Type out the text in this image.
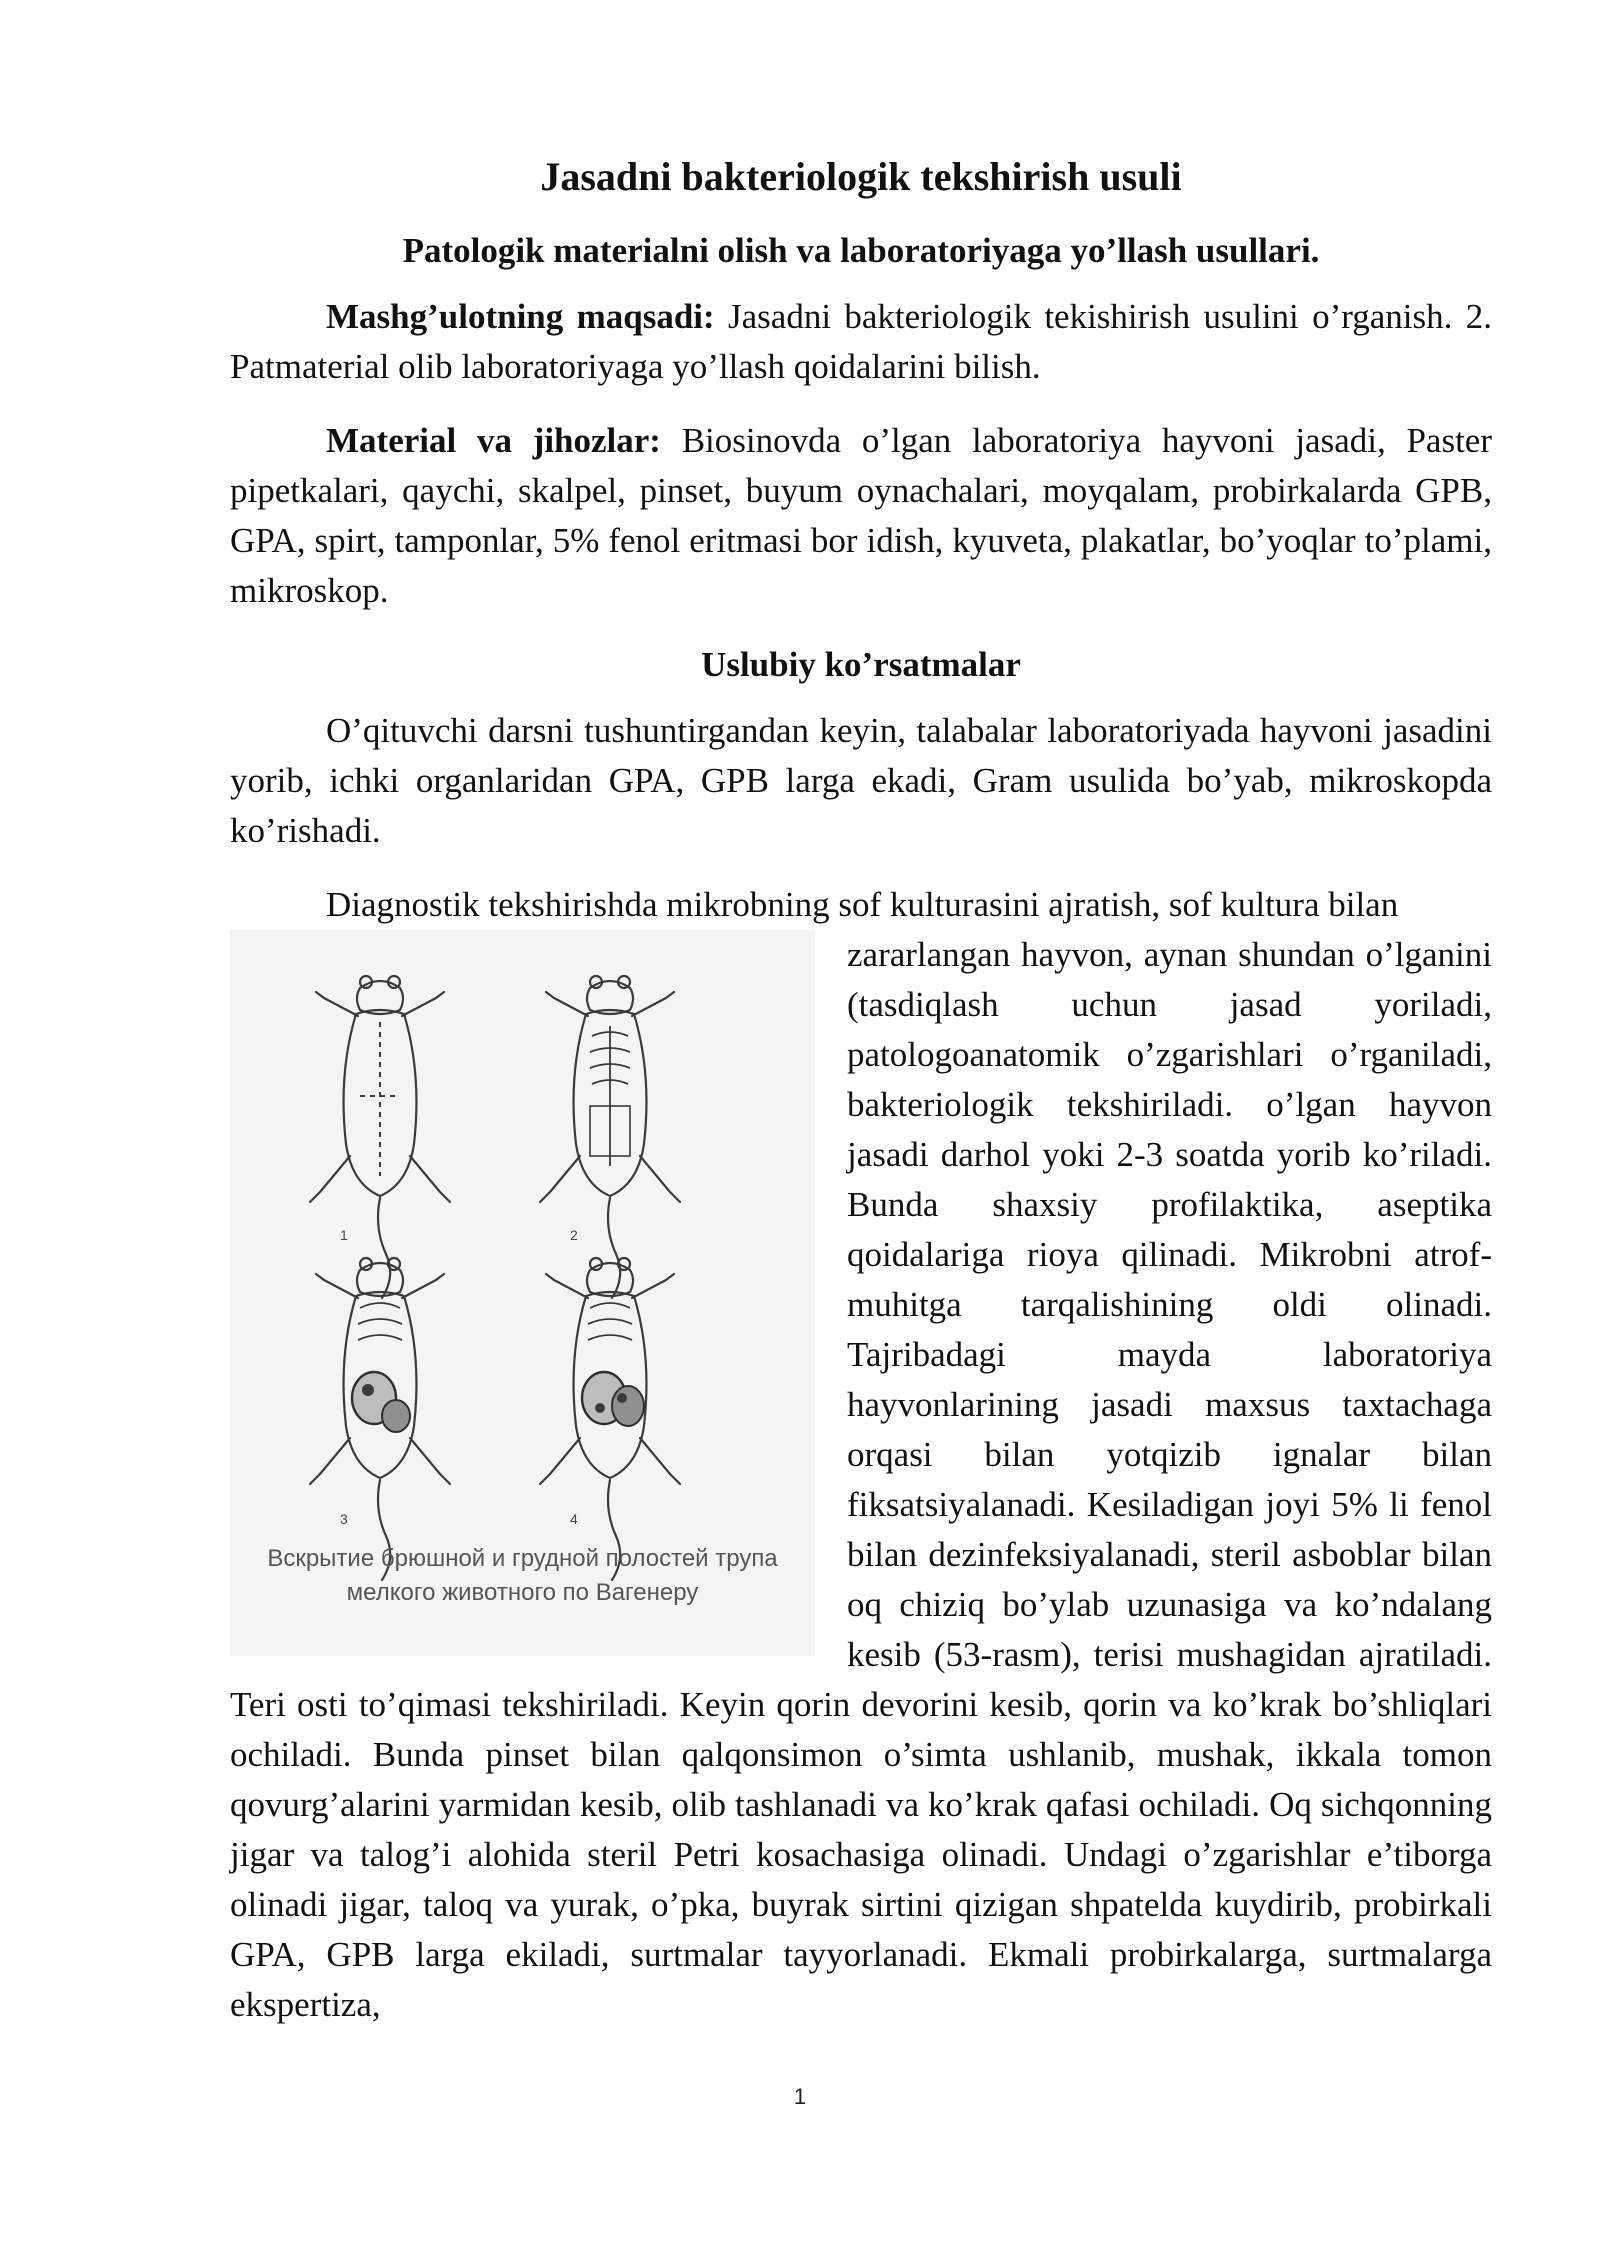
Jasadni bakteriologik tekshirish usuli
Patologik materialni olish va laboratoriyaga yo’llash usullari.

Mashg’ulotning maqsadi: Jasadni bakteriologik tekishirish usulini o’rganish. 2. Patmaterial olib laboratoriyaga yo’llash qoidalarini bilish.

Material va jihozlar: Biosinovda o’lgan laboratoriya hayvoni jasadi, Paster pipetkalari, qaychi, skalpel, pinset, buyum oynachalari, moyqalam, probirkalarda GPB, GPA, spirt, tamponlar, 5% fenol eritmasi bor idish, kyuveta, plakatlar, bo’yoqlar to’plami, mikroskop.

Uslubiy ko’rsatmalar

O’qituvchi darsni tushuntirgandan keyin, talabalar laboratoriyada hayvoni jasadini yorib, ichki organlaridan GPA, GPB larga ekadi, Gram usulida bo’yab, mikroskopda ko’rishadi.

Diagnostik tekshirishda mikrobning sof kulturasini ajratish, sof kultura bilan

1	2
3	4
Вскрытие брюшной и грудной полостей трупа мелкого животного по Вагенеру

zararlangan hayvon, aynan shundan o’lganini (tasdiqlash uchun jasad yoriladi, patologoanatomik o’zgarishlari o’rganiladi, bakteriologik tekshiriladi. o’lgan hayvon jasadi darhol yoki 2-3 soatda yorib ko’riladi. Bunda shaxsiy profilaktika, aseptika qoidalariga rioya qilinadi. Mikrobni atrof-muhitga tarqalishining oldi olinadi. Tajribadagi mayda laboratoriya hayvonlarining jasadi maxsus taxtachaga orqasi bilan yotqizib ignalar bilan fiksatsiyalanadi. Kesiladigan joyi 5% li fenol bilan dezinfeksiyalanadi, steril asboblar bilan oq chiziq bo’ylab uzunasiga va ko’ndalang kesib (53-rasm), terisi mushagidan ajratiladi. Teri osti to’qimasi tekshiriladi. Keyin qorin devorini kesib, qorin va ko’krak bo’shliqlari ochiladi. Bunda pinset bilan qalqonsimon o’simta ushlanib, mushak, ikkala tomon qovurg’alarini yarmidan kesib, olib tashlanadi va ko’krak qafasi ochiladi. Oq sichqonning jigar va talog’i alohida steril Petri kosachasiga olinadi. Undagi o’zgarishlar e’tiborga olinadi jigar, taloq va yurak, o’pka, buyrak sirtini qizigan shpatelda kuydirib, probirkali GPA, GPB larga ekiladi, surtmalar tayyorlanadi. Ekmali probirkalarga, surtmalarga ekspertiza,

1
